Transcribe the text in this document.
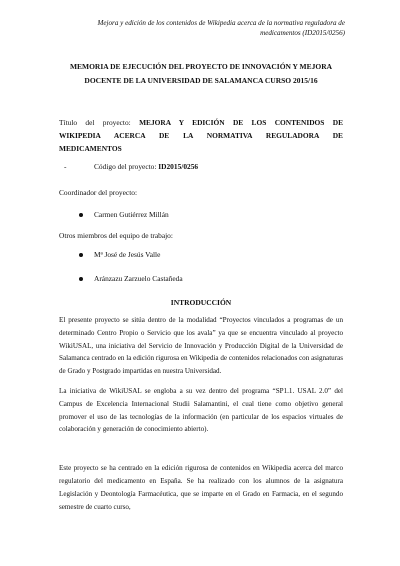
Mejora y edición de los contenidos de Wikipedia acerca de la normativa reguladora de
medicamentos (ID2015/0256)
MEMORIA DE EJECUCIÓN DEL PROYECTO DE INNOVACIÓN Y MEJORA
DOCENTE DE LA UNIVERSIDAD DE SALAMANCA CURSO 2015/16
Título del proyecto: MEJORA Y EDICIÓN DE LOS CONTENIDOS DE
WIKIPEDIA ACERCA DE LA NORMATIVA REGULADORA DE
MEDICAMENTOS
-	Código del proyecto: ID2015/0256
Coordinador del proyecto:
Carmen Gutiérrez Millán
Otros miembros del equipo de trabajo:
Mª José de Jesús Valle
Aránzazu Zarzuelo Castañeda
INTRODUCCIÓN

El presente proyecto se sitúa dentro de la modalidad “Proyectos vinculados a programas de un determinado Centro Propio o Servicio que los avala” ya que se encuentra vinculado al proyecto WikiUSAL, una iniciativa del Servicio de Innovación y Producción Digital de la Universidad de Salamanca centrado en la edición rigurosa en Wikipedia de contenidos relacionados con asignaturas de Grado y Postgrado impartidas en nuestra Universidad.

La iniciativa de WikiUSAL se engloba a su vez dentro del programa “SP1.1. USAL 2.0” del Campus de Excelencia Internacional Studii Salamantini, el cual tiene como objetivo general promover el uso de las tecnologías de la información (en particular de los espacios virtuales de colaboración y generación de conocimiento abierto).

Este proyecto se ha centrado en la edición rigurosa de contenidos en Wikipedia acerca del marco regulatorio del medicamento en España. Se ha realizado con los alumnos de la asignatura Legislación y Deontología Farmacéutica, que se imparte en el Grado en Farmacia, en el segundo semestre de cuarto curso,
